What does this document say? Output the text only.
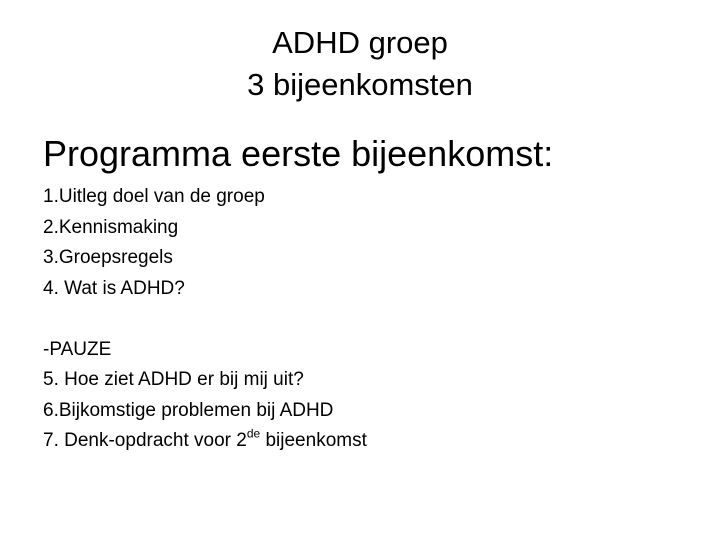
ADHD groep
3 bijeenkomsten
Programma eerste bijeenkomst:
1.Uitleg doel van de groep
2.Kennismaking
3.Groepsregels
4. Wat is ADHD?
-PAUZE
5. Hoe ziet ADHD er bij mij uit?
6.Bijkomstige problemen bij ADHD
7. Denk-opdracht voor 2de bijeenkomst
